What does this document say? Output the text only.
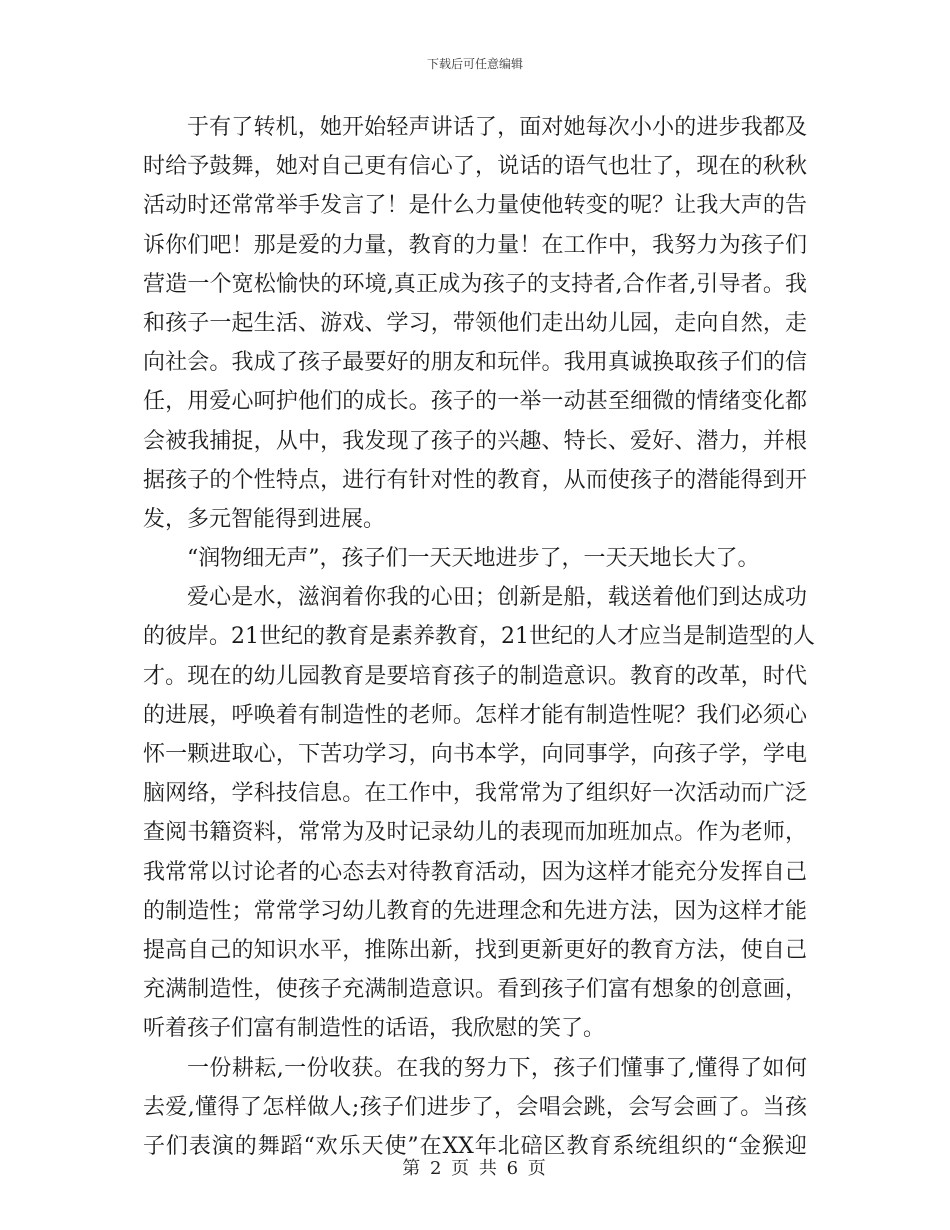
下载后可任意编辑
于有了转机，她开始轻声讲话了，面对她每次小小的进步我都及
时给予鼓舞，她对自己更有信心了，说话的语气也壮了，现在的秋秋
活动时还常常举手发言了！是什么力量使他转变的呢？让我大声的告
诉你们吧！那是爱的力量，教育的力量！在工作中，我努力为孩子们
营造一个宽松愉快的环境,真正成为孩子的支持者,合作者,引导者。我
和孩子一起生活、游戏、学习，带领他们走出幼儿园，走向自然，走
向社会。我成了孩子最要好的朋友和玩伴。我用真诚换取孩子们的信
任，用爱心呵护他们的成长。孩子的一举一动甚至细微的情绪变化都
会被我捕捉，从中，我发现了孩子的兴趣、特长、爱好、潜力，并根
据孩子的个性特点，进行有针对性的教育，从而使孩子的潜能得到开
发，多元智能得到进展。
“润物细无声”，孩子们一天天地进步了，一天天地长大了。
爱心是水，滋润着你我的心田；创新是船，载送着他们到达成功
的彼岸。21世纪的教育是素养教育，21世纪的人才应当是制造型的人
才。现在的幼儿园教育是要培育孩子的制造意识。教育的改革，时代
的进展，呼唤着有制造性的老师。怎样才能有制造性呢？我们必须心
怀一颗进取心，下苦功学习，向书本学，向同事学，向孩子学，学电
脑网络，学科技信息。在工作中，我常常为了组织好一次活动而广泛
查阅书籍资料，常常为及时记录幼儿的表现而加班加点。作为老师，
我常常以讨论者的心态去对待教育活动，因为这样才能充分发挥自己
的制造性；常常学习幼儿教育的先进理念和先进方法，因为这样才能
提高自己的知识水平，推陈出新，找到更新更好的教育方法，使自己
充满制造性，使孩子充满制造意识。看到孩子们富有想象的创意画，
听着孩子们富有制造性的话语，我欣慰的笑了。
一份耕耘,一份收获。在我的努力下，孩子们懂事了,懂得了如何
去爱,懂得了怎样做人;孩子们进步了，会唱会跳，会写会画了。当孩
子们表演的舞蹈“欢乐天使”在XX年北碚区教育系统组织的“金猴迎
第 2 页 共 6 页
